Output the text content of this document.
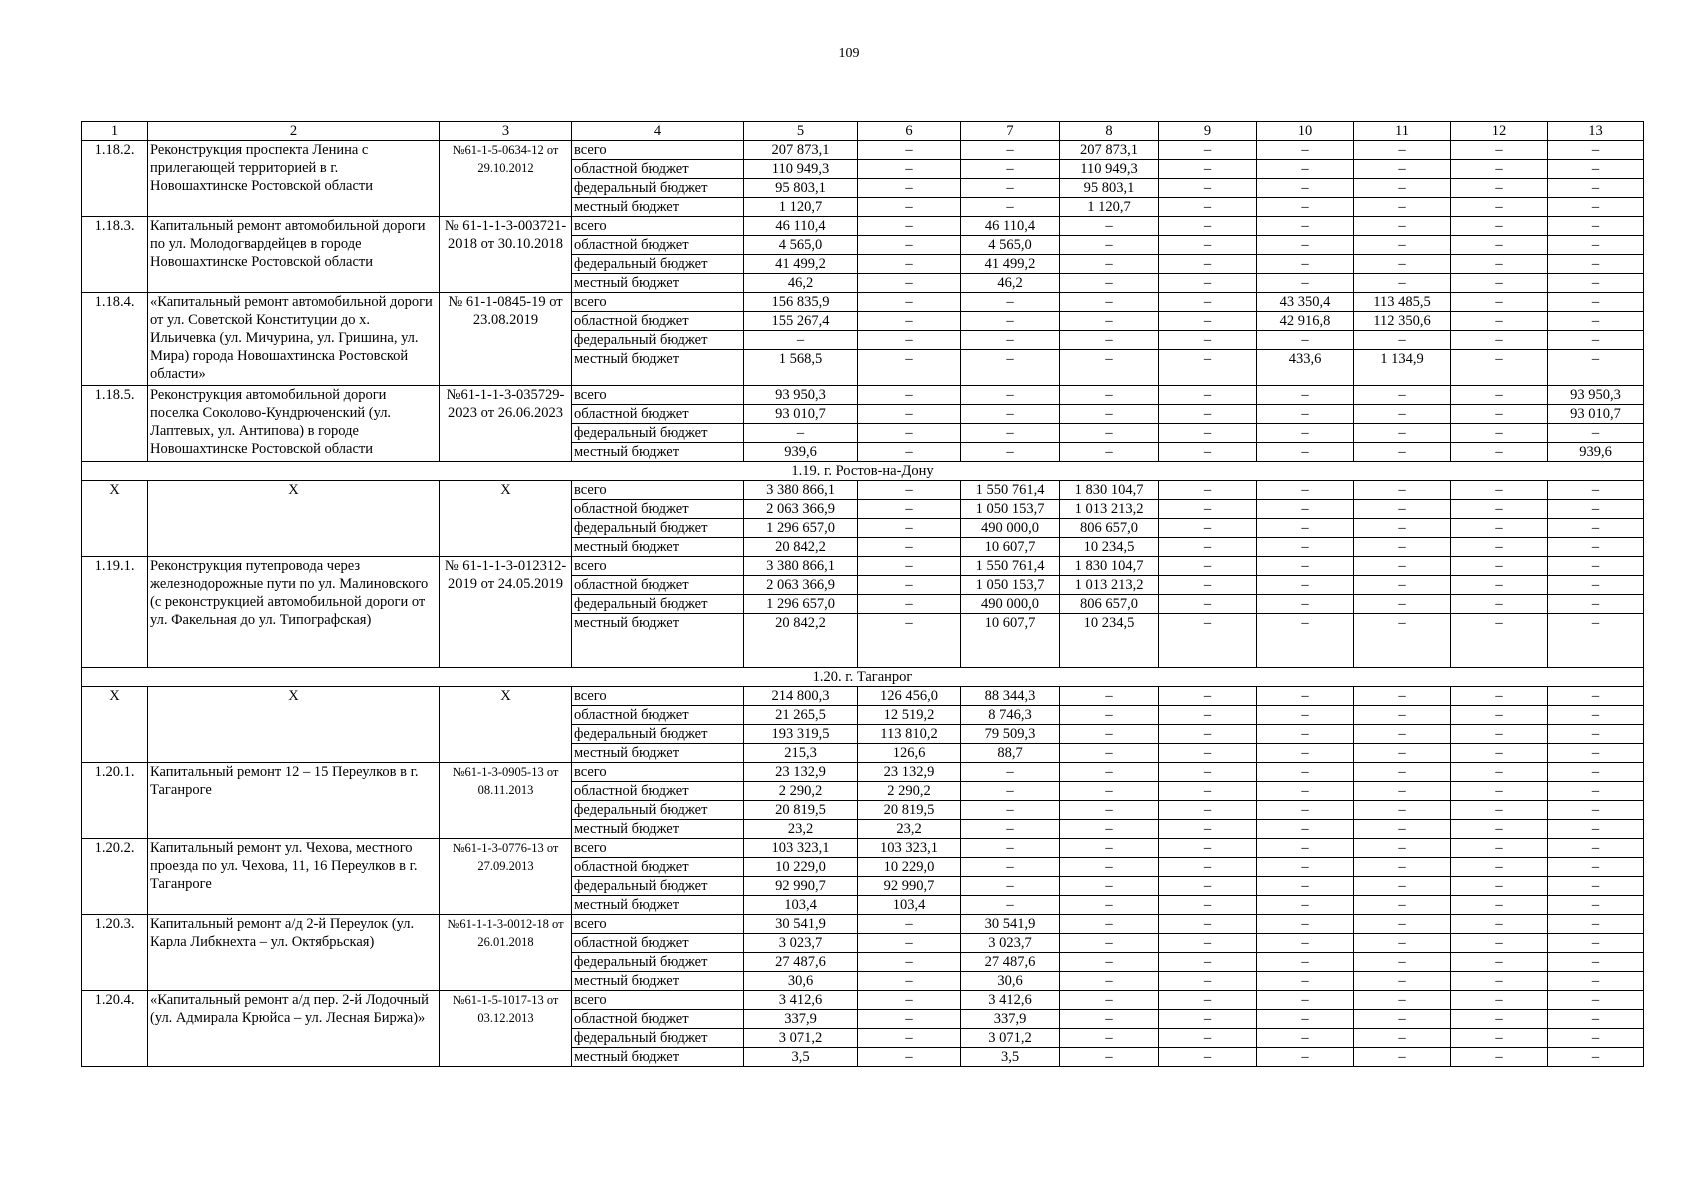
109
1	2	3	4	5	6	7	8	9	10	11	12	13
1.18.2.	Реконструкция проспекта Ленина с прилегающей территорией в г. Новошахтинске Ростовской области	№61-1-5-0634-12 от 29.10.2012	всего	207 873,1	–	–	207 873,1	–	–	–	–	–
			областной бюджет	110 949,3	–	–	110 949,3	–	–	–	–	–
			федеральный бюджет	95 803,1	–	–	95 803,1	–	–	–	–	–
			местный бюджет	1 120,7	–	–	1 120,7	–	–	–	–	–
1.18.3.	Капитальный ремонт автомобильной дороги по ул. Молодогвардейцев в городе Новошахтинске Ростовской области	№ 61-1-1-3-003721-2018 от 30.10.2018	всего	46 110,4	–	46 110,4	–	–	–	–	–	–
			областной бюджет	4 565,0	–	4 565,0	–	–	–	–	–	–
			федеральный бюджет	41 499,2	–	41 499,2	–	–	–	–	–	–
			местный бюджет	46,2	–	46,2	–	–	–	–	–	–
1.18.4.	«Капитальный ремонт автомобильной дороги от ул. Советской Конституции до х. Ильичевка (ул. Мичурина, ул. Гришина, ул. Мира) города Новошахтинска Ростовской области»	№ 61-1-0845-19 от 23.08.2019	всего	156 835,9	–	–	–	–	43 350,4	113 485,5	–	–
			областной бюджет	155 267,4	–	–	–	–	42 916,8	112 350,6	–	–
			федеральный бюджет	–	–	–	–	–	–	–	–	–
			местный бюджет	1 568,5	–	–	–	–	433,6	1 134,9	–	–
1.18.5.	Реконструкция автомобильной дороги поселка Соколово-Кундрюченский (ул. Лаптевых, ул. Антипова) в городе Новошахтинске Ростовской области	№61-1-1-3-035729-2023 от 26.06.2023	всего	93 950,3	–	–	–	–	–	–	–	93 950,3
			областной бюджет	93 010,7	–	–	–	–	–	–	–	93 010,7
			федеральный бюджет	–	–	–	–	–	–	–	–	–
			местный бюджет	939,6	–	–	–	–	–	–	–	939,6
1.19. г. Ростов-на-Дону												
Х	Х	Х	всего	3 380 866,1	–	1 550 761,4	1 830 104,7	–	–	–	–	–
			областной бюджет	2 063 366,9	–	1 050 153,7	1 013 213,2	–	–	–	–	–
			федеральный бюджет	1 296 657,0	–	490 000,0	806 657,0	–	–	–	–	–
			местный бюджет	20 842,2	–	10 607,7	10 234,5	–	–	–	–	–
1.19.1.	Реконструкция путепровода через железнодорожные пути по ул. Малиновского (с реконструкцией автомобильной дороги от ул. Факельная до ул. Типографская)	№ 61-1-1-3-012312-2019 от 24.05.2019	всего	3 380 866,1	–	1 550 761,4	1 830 104,7	–	–	–	–	–
			областной бюджет	2 063 366,9	–	1 050 153,7	1 013 213,2	–	–	–	–	–
			федеральный бюджет	1 296 657,0	–	490 000,0	806 657,0	–	–	–	–	–
			местный бюджет	20 842,2	–	10 607,7	10 234,5	–	–	–	–	–
1.20. г. Таганрог												
Х	Х	Х	всего	214 800,3	126 456,0	88 344,3	–	–	–	–	–	–
			областной бюджет	21 265,5	12 519,2	8 746,3	–	–	–	–	–	–
			федеральный бюджет	193 319,5	113 810,2	79 509,3	–	–	–	–	–	–
			местный бюджет	215,3	126,6	88,7	–	–	–	–	–	–
1.20.1.	Капитальный ремонт 12 – 15 Переулков в г. Таганроге	№61-1-3-0905-13 от 08.11.2013	всего	23 132,9	23 132,9	–	–	–	–	–	–	–
			областной бюджет	2 290,2	2 290,2	–	–	–	–	–	–	–
			федеральный бюджет	20 819,5	20 819,5	–	–	–	–	–	–	–
			местный бюджет	23,2	23,2	–	–	–	–	–	–	–
1.20.2.	Капитальный ремонт ул. Чехова, местного проезда по ул. Чехова, 11, 16 Переулков в г. Таганроге	№61-1-3-0776-13 от 27.09.2013	всего	103 323,1	103 323,1	–	–	–	–	–	–	–
			областной бюджет	10 229,0	10 229,0	–	–	–	–	–	–	–
			федеральный бюджет	92 990,7	92 990,7	–	–	–	–	–	–	–
			местный бюджет	103,4	103,4	–	–	–	–	–	–	–
1.20.3.	Капитальный ремонт а/д 2-й Переулок (ул. Карла Либкнехта – ул. Октябрьская)	№61-1-1-3-0012-18 от 26.01.2018	всего	30 541,9	–	30 541,9	–	–	–	–	–	–
			областной бюджет	3 023,7	–	3 023,7	–	–	–	–	–	–
			федеральный бюджет	27 487,6	–	27 487,6	–	–	–	–	–	–
			местный бюджет	30,6	–	30,6	–	–	–	–	–	–
1.20.4.	«Капитальный ремонт а/д пер. 2-й Лодочный (ул. Адмирала Крюйса – ул. Лесная Биржа)»	№61-1-5-1017-13 от 03.12.2013	всего	3 412,6	–	3 412,6	–	–	–	–	–	–
			областной бюджет	337,9	–	337,9	–	–	–	–	–	–
			федеральный бюджет	3 071,2	–	3 071,2	–	–	–	–	–	–
			местный бюджет	3,5	–	3,5	–	–	–	–	–	–
